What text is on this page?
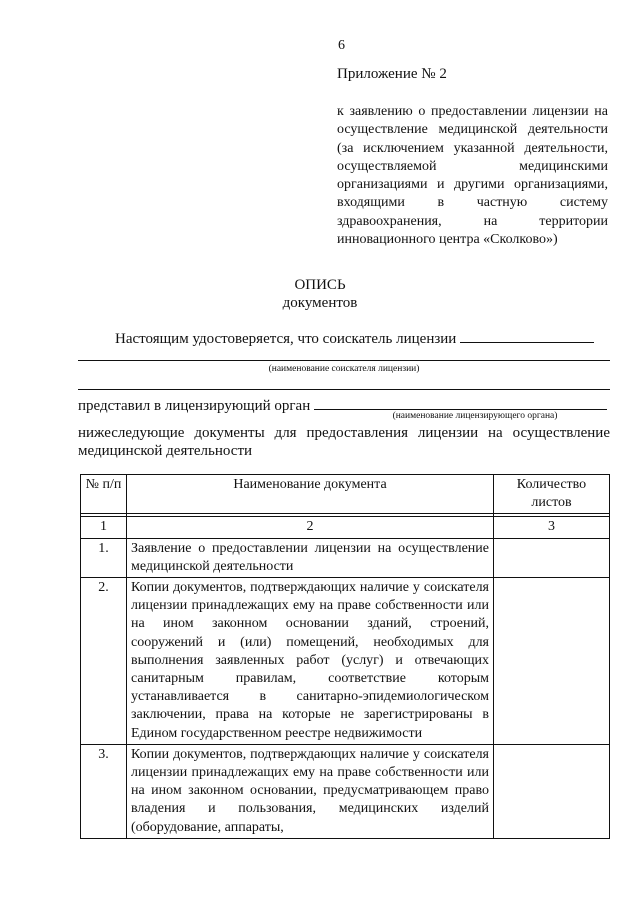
6
Приложение № 2

к заявлению о предоставлении лицензии на осуществление медицинской деятельности (за исключением указанной деятельности, осуществляемой медицинскими организациями и другими организациями, входящими в частную систему здравоохранения, на территории инновационного центра «Сколково»)

ОПИСЬ
документов
Настоящим удостоверяется, что соискатель лицензии
(наименование соискателя лицензии)
представил в лицензирующий орган
(наименование лицензирующего органа)
нижеследующие документы для предоставления лицензии на осуществление медицинской деятельности
№ п/п	Наименование документа	Количество листов

1	2	3
1.	Заявление о предоставлении лицензии на осуществление медицинской деятельности	
2.	Копии документов, подтверждающих наличие у соискателя лицензии принадлежащих ему на праве собственности или на ином законном основании зданий, строений, сооружений и (или) помещений, необходимых для выполнения заявленных работ (услуг) и отвечающих санитарным правилам, соответствие которым устанавливается в санитарно-эпидемиологическом заключении, права на которые не зарегистрированы в Едином государственном реестре недвижимости	
3.	Копии документов, подтверждающих наличие у соискателя лицензии принадлежащих ему на праве собственности или на ином законном основании, предусматривающем право владения и пользования, медицинских изделий (оборудование, аппараты,	
